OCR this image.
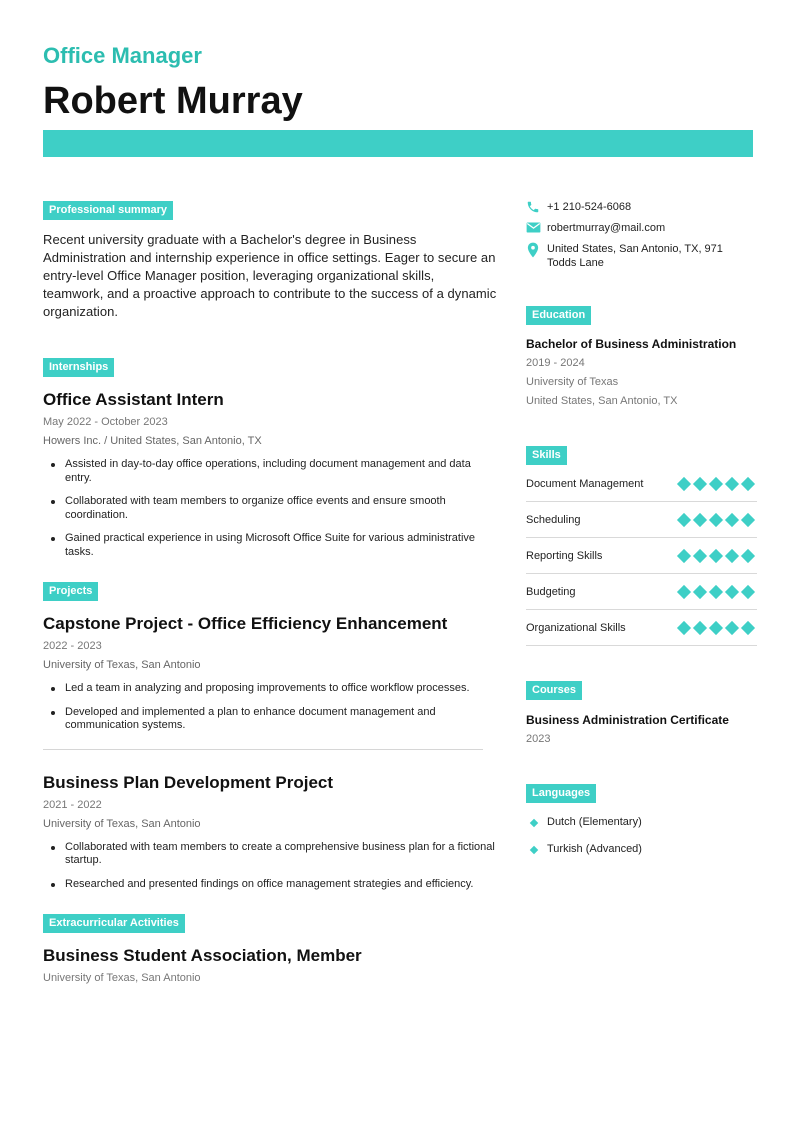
Office Manager
Robert Murray
Professional summary

Recent university graduate with a Bachelor's degree in Business Administration and internship experience in office settings. Eager to secure an entry-level Office Manager position, leveraging organizational skills, teamwork, and a proactive approach to contribute to the success of a dynamic organization.

Internships
Office Assistant Intern
May 2022 - October 2023
Howers Inc. / United States, San Antonio, TX
Assisted in day-to-day office operations, including document management and data entry.
Collaborated with team members to organize office events and ensure smooth coordination.
Gained practical experience in using Microsoft Office Suite for various administrative tasks.
Projects
Capstone Project - Office Efficiency Enhancement
2022 - 2023
University of Texas, San Antonio
Led a team in analyzing and proposing improvements to office workflow processes.
Developed and implemented a plan to enhance document management and communication systems.
Business Plan Development Project
2021 - 2022
University of Texas, San Antonio
Collaborated with team members to create a comprehensive business plan for a fictional startup.
Researched and presented findings on office management strategies and efficiency.
Extracurricular Activities
Business Student Association, Member
University of Texas, San Antonio
+1 210-524-6068
robertmurray@mail.com
United States, San Antonio, TX, 971 Todds Lane
Education
Bachelor of Business Administration
2019 - 2024
University of Texas
United States, San Antonio, TX
Skills
Document Management
Scheduling
Reporting Skills
Budgeting
Organizational Skills
Courses
Business Administration Certificate
2023
Languages
Dutch (Elementary)
Turkish (Advanced)
